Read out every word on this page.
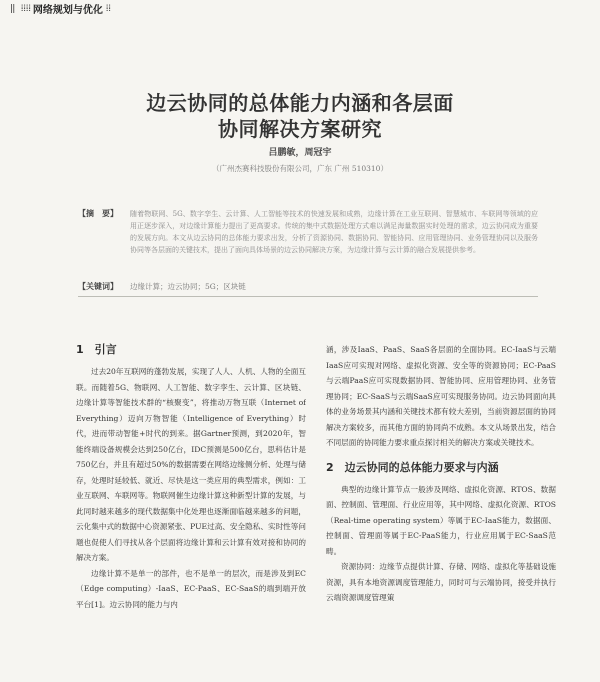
‖ ⁞⁞⁞⁞ 网络规划与优化 ⁞⁞
边云协同的总体能力内涵和各层面
协同解决方案研究
吕鹏敏，周冠宇
（广州杰赛科技股份有限公司，广东 广州 510310）
【摘　要】 随着物联网、5G、数字孪生、云计算、人工智能等技术的快速发展和成熟，边缘计算在工业互联网、智慧城市、车联网等领域的应用正逐步深入，对边缘计算能力提出了更高要求。传统的集中式数据处理方式难以满足海量数据实时处理的需求，边云协同成为重要的发展方向。本文从边云协同的总体能力要求出发，分析了资源协同、数据协同、智能协同、应用管理协同、业务管理协同以及服务协同等各层面的关键技术，提出了面向具体场景的边云协同解决方案，为边缘计算与云计算的融合发展提供参考。
【关键词】 边缘计算；边云协同；5G；区块链
1　引言

过去20年互联网的蓬勃发展，实现了人人、人机、人物的全面互联。而随着5G、物联网、人工智能、数字孪生、云计算、区块链、边缘计算等智能技术群的“核聚变”，将推动万物互联（Internet of Everything）迈向万物智能（Intelligence of Everything）时代，进而带动智能+时代的到来。据Gartner预测，到2020年，智能终端设备规模会达到250亿台，IDC预测是500亿台，思科估计是750亿台，并且有超过50%的数据需要在网络边缘侧分析、处理与储存，处理时延较低、就近、尽快是这一类应用的典型需求，例如：工业互联网、车联网等。物联网催生边缘计算这种新型计算的发展，与此同时越来越多的现代数据集中化处理也逐渐面临越来越多的问题，云化集中式的数据中心资源紧张、PUE过高、安全隐私、实时性等问题也促使人们寻找从各个层面将边缘计算和云计算有效对接和协同的解决方案。

边缘计算不是单一的部件，也不是单一的层次，而是涉及到EC（Edge computing）-IaaS、EC-PaaS、EC-SaaS的端到端开放平台[1]。边云协同的能力与内

涵，涉及IaaS、PaaS、SaaS各层面的全面协同。EC-IaaS与云端IaaS应可实现对网络、虚拟化资源、安全等的资源协同；EC-PaaS与云端PaaS应可实现数据协同、智能协同、应用管理协同、业务管理协同；EC-SaaS与云端SaaS应可实现服务协同。边云协同面向具体的业务场景其内涵和关键技术都有较大差别，当前资源层面的协同解决方案较多，而其他方面的协同尚不成熟。本文从场景出发，结合不同层面的协同能力要求重点探讨相关的解决方案或关键技术。

2　边云协同的总体能力要求与内涵

典型的边缘计算节点一般涉及网络、虚拟化资源、RTOS、数据面、控制面、管理面、行业应用等，其中网络、虚拟化资源、RTOS（Real-time operating system）等属于EC-IaaS能力，数据面、控制面、管理面等属于EC-PaaS能力，行业应用属于EC-SaaS范畴。

资源协同：边缘节点提供计算、存储、网络、虚拟化等基础设施资源，具有本地资源调度管理能力，同时可与云端协同，接受并执行云端资源调度管理策
